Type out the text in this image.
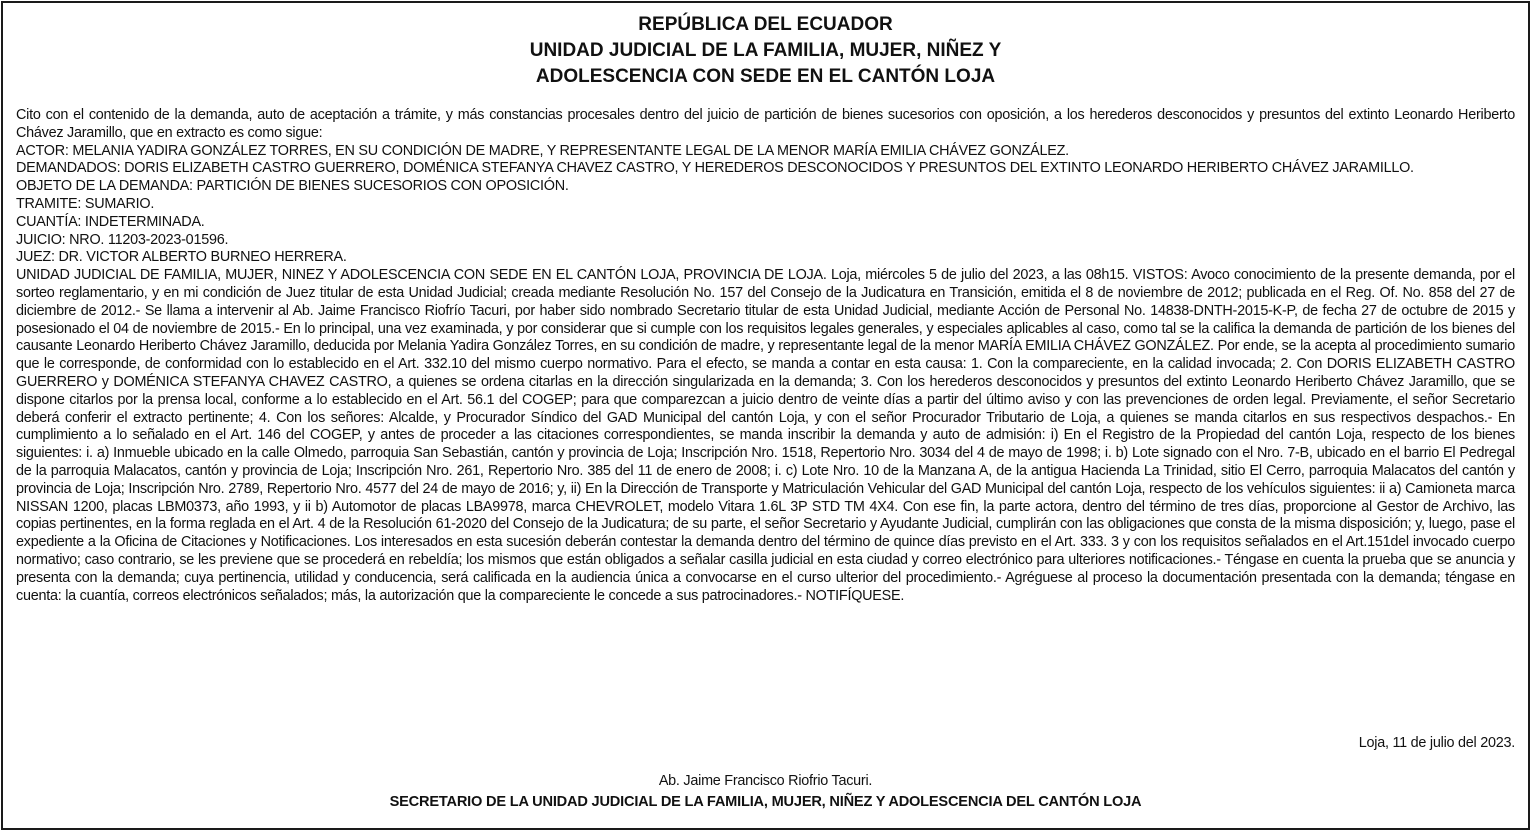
REPÚBLICA DEL ECUADOR
UNIDAD JUDICIAL DE LA FAMILIA, MUJER, NIÑEZ Y
ADOLESCENCIA CON SEDE EN EL CANTÓN LOJA

Cito con el contenido de la demanda, auto de aceptación a trámite, y más constancias procesales dentro del juicio de partición de bienes sucesorios con oposición, a los herederos desconocidos y presuntos del extinto Leonardo Heriberto Chávez Jaramillo, que en extracto es como sigue:

ACTOR: MELANIA YADIRA GONZÁLEZ TORRES, EN SU CONDICIÓN DE MADRE, Y REPRESENTANTE LEGAL DE LA MENOR MARÍA EMILIA CHÁVEZ GONZÁLEZ.

DEMANDADOS: DORIS ELIZABETH CASTRO GUERRERO, DOMÉNICA STEFANYA CHAVEZ CASTRO, Y HEREDEROS DESCONOCIDOS Y PRESUNTOS DEL EXTINTO LEONARDO HERIBERTO CHÁVEZ JARAMILLO.

OBJETO DE LA DEMANDA: PARTICIÓN DE BIENES SUCESORIOS CON OPOSICIÓN.

TRAMITE: SUMARIO.

CUANTÍA: INDETERMINADA.

JUICIO: NRO. 11203-2023-01596.

JUEZ: DR. VICTOR ALBERTO BURNEO HERRERA.

UNIDAD JUDICIAL DE FAMILIA, MUJER, NINEZ Y ADOLESCENCIA CON SEDE EN EL CANTÓN LOJA, PROVINCIA DE LOJA. Loja, miércoles 5 de julio del 2023, a las 08h15. VISTOS: Avoco conocimiento de la presente demanda, por el sorteo reglamentario, y en mi condición de Juez titular de esta Unidad Judicial; creada mediante Resolución No. 157 del Consejo de la Judicatura en Transición, emitida el 8 de noviembre de 2012; publicada en el Reg. Of. No. 858 del 27 de diciembre de 2012.- Se llama a intervenir al Ab. Jaime Francisco Riofrío Tacuri, por haber sido nombrado Secretario titular de esta Unidad Judicial, mediante Acción de Personal No. 14838-DNTH-2015-K-P, de fecha 27 de octubre de 2015 y posesionado el 04 de noviembre de 2015.- En lo principal, una vez examinada, y por considerar que si cumple con los requisitos legales generales, y especiales aplicables al caso, como tal se la califica la demanda de partición de los bienes del causante Leonardo Heriberto Chávez Jaramillo, deducida por Melania Yadira González Torres, en su condición de madre, y representante legal de la menor MARÍA EMILIA CHÁVEZ GONZÁLEZ. Por ende, se la acepta al procedimiento sumario que le corresponde, de conformidad con lo establecido en el Art. 332.10 del mismo cuerpo normativo. Para el efecto, se manda a contar en esta causa: 1. Con la compareciente, en la calidad invocada; 2. Con DORIS ELIZABETH CASTRO GUERRERO y DOMÉNICA STEFANYA CHAVEZ CASTRO, a quienes se ordena citarlas en la dirección singularizada en la demanda; 3. Con los herederos desconocidos y presuntos del extinto Leonardo Heriberto Chávez Jaramillo, que se dispone citarlos por la prensa local, conforme a lo establecido en el Art. 56.1 del COGEP; para que comparezcan a juicio dentro de veinte días a partir del último aviso y con las prevenciones de orden legal. Previamente, el señor Secretario deberá conferir el extracto pertinente; 4. Con los señores: Alcalde, y Procurador Síndico del GAD Municipal del cantón Loja, y con el señor Procurador Tributario de Loja, a quienes se manda citarlos en sus respectivos despachos.- En cumplimiento a lo señalado en el Art. 146 del COGEP, y antes de proceder a las citaciones correspondientes, se manda inscribir la demanda y auto de admisión: i) En el Registro de la Propiedad del cantón Loja, respecto de los bienes siguientes: i. a) Inmueble ubicado en la calle Olmedo, parroquia San Sebastián, cantón y provincia de Loja; Inscripción Nro. 1518, Repertorio Nro. 3034 del 4 de mayo de 1998; i. b) Lote signado con el Nro. 7-B, ubicado en el barrio El Pedregal de la parroquia Malacatos, cantón y provincia de Loja; Inscripción Nro. 261, Repertorio Nro. 385 del 11 de enero de 2008; i. c) Lote Nro. 10 de la Manzana A, de la antigua Hacienda La Trinidad, sitio El Cerro, parroquia Malacatos del cantón y provincia de Loja; Inscripción Nro. 2789, Repertorio Nro. 4577 del 24 de mayo de 2016; y, ii) En la Dirección de Transporte y Matriculación Vehicular del GAD Municipal del cantón Loja, respecto de los vehículos siguientes: ii a) Camioneta marca NISSAN 1200, placas LBM0373, año 1993, y ii b) Automotor de placas LBA9978, marca CHEVROLET, modelo Vitara 1.6L 3P STD TM 4X4. Con ese fin, la parte actora, dentro del término de tres días, proporcione al Gestor de Archivo, las copias pertinentes, en la forma reglada en el Art. 4 de la Resolución 61-2020 del Consejo de la Judicatura; de su parte, el señor Secretario y Ayudante Judicial, cumplirán con las obligaciones que consta de la misma disposición; y, luego, pase el expediente a la Oficina de Citaciones y Notificaciones. Los interesados en esta sucesión deberán contestar la demanda dentro del término de quince días previsto en el Art. 333. 3 y con los requisitos señalados en el Art.151del invocado cuerpo normativo; caso contrario, se les previene que se procederá en rebeldía; los mismos que están obligados a señalar casilla judicial en esta ciudad y correo electrónico para ulteriores notificaciones.- Téngase en cuenta la prueba que se anuncia y presenta con la demanda; cuya pertinencia, utilidad y conducencia, será calificada en la audiencia única a convocarse en el curso ulterior del procedimiento.- Agréguese al proceso la documentación presentada con la demanda; téngase en cuenta: la cuantía, correos electrónicos señalados; más, la autorización que la compareciente le concede a sus patrocinadores.- NOTIFÍQUESE.

Loja, 11 de julio del 2023.
Ab. Jaime Francisco Riofrio Tacuri.
SECRETARIO DE LA UNIDAD JUDICIAL DE LA FAMILIA, MUJER, NIÑEZ Y ADOLESCENCIA DEL CANTÓN LOJA
